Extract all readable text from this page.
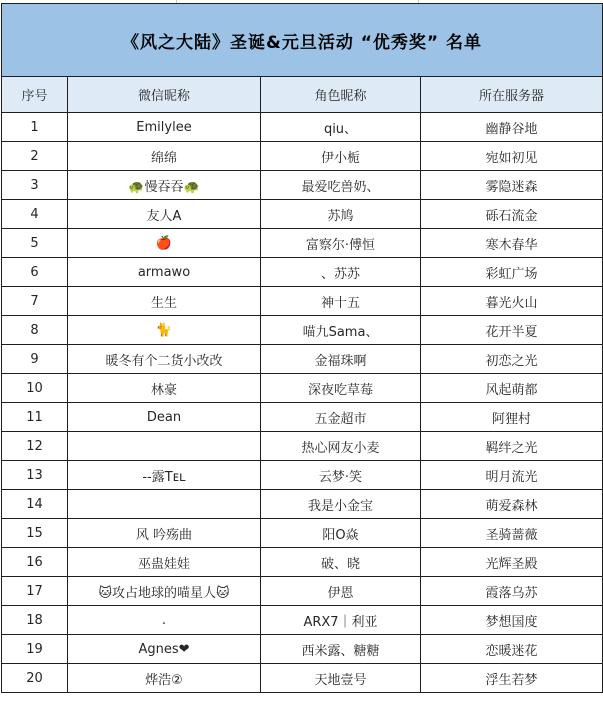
《风之大陆》圣诞&元旦活动 “优秀奖” 名单			
序号	微信昵称	角色昵称	所在服务器
1	Emilylee	qiu、	幽静谷地
2	绵绵	伊小栀	宛如初见
3	🐢慢吞吞🐢	最爱吃兽奶、	雾隐迷森
4	友人A	苏鸠	砾石流金
5	🍎	富察尔·傅恒	寒木春华
6	armawo	、苏苏	彩虹广场
7	生生	神十五	暮光火山
8	🐈	喵九Sama、	花开半夏
9	暖冬有个二货小改改	金福珠啊	初恋之光
10	林豪	深夜吃草莓	风起萌都
11	Dean	五金超市	阿狸村
12		热心网友小麦	羁绊之光
13	--露Tᴇʟ	云梦·笑	明月流光
14		我是小金宝	萌爱森林
15	风 吟殇曲	阳O焱	圣骑蔷薇
16	巫蛊娃娃	破、晓	光辉圣殿
17	🐱攻占地球的喵星人🐱	伊恩	霞落乌苏
18	.	ARX7｜利亚	梦想国度
19	Agnes❤	西米露、糖糖	恋暖迷花
20	烨浩②	天地壹号	浮生若梦
